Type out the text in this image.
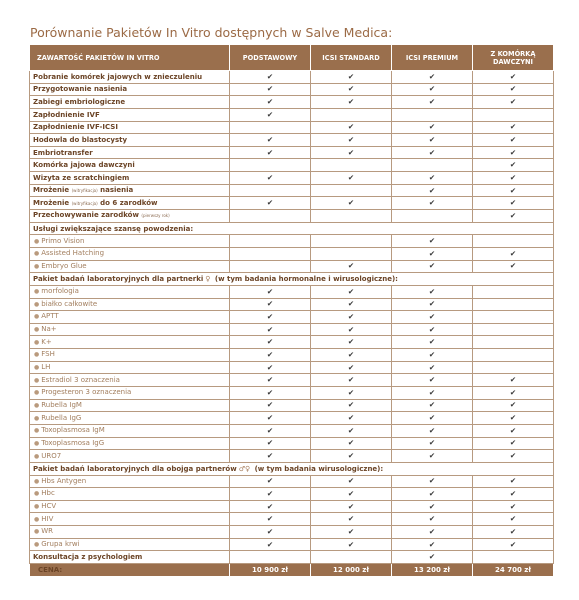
Porównanie Pakietów In Vitro dostępnych w Salve Medica:
ZAWARTOŚĆ PAKIETÓW IN VITRO	PODSTAWOWY	ICSI STANDARD	ICSI PREMIUM	Z KOMÓRKĄ DAWCZYNI
Pobranie komórek jajowych w znieczuleniu	✔	✔	✔	✔
Przygotowanie nasienia	✔	✔	✔	✔
Zabiegi embriologiczne	✔	✔	✔	✔
Zapłodnienie IVF	✔			
Zapłodnienie IVF-ICSI		✔	✔	✔
Hodowla do blastocysty	✔	✔	✔	✔
Embriotransfer	✔	✔	✔	✔
Komórka jajowa dawczyni				✔
Wizyta ze scratchingiem	✔	✔	✔	✔
Mrożenie (witryfikacja) nasienia			✔	✔
Mrożenie (witryfikacja) do 6 zarodków	✔	✔	✔	✔
Przechowywanie zarodków (pierwszy rok)				✔
Usługi zwiększające szansę powodzenia:				
● Primo Vision			✔	
● Assisted Hatching			✔	✔
● Embryo Glue		✔	✔	✔
Pakiet badań laboratoryjnych dla partnerki ♀ (w tym badania hormonalne i wirusologiczne):				
● morfologia	✔	✔	✔	
● białko całkowite	✔	✔	✔	
● APTT	✔	✔	✔	
● Na+	✔	✔	✔	
● K+	✔	✔	✔	
● FSH	✔	✔	✔	
● LH	✔	✔	✔	
● Estradiol 3 oznaczenia	✔	✔	✔	✔
● Progesteron 3 oznaczenia	✔	✔	✔	✔
● Rubella IgM	✔	✔	✔	✔
● Rubella IgG	✔	✔	✔	✔
● Toxoplasmosa IgM	✔	✔	✔	✔
● Toxoplasmosa IgG	✔	✔	✔	✔
● URO7	✔	✔	✔	✔
Pakiet badań laboratoryjnych dla obojga partnerów ♂♀ (w tym badania wirusologiczne):				
● Hbs Antygen	✔	✔	✔	✔
● Hbc	✔	✔	✔	✔
● HCV	✔	✔	✔	✔
● HIV	✔	✔	✔	✔
● WR	✔	✔	✔	✔
● Grupa krwi	✔	✔	✔	✔
Konsultacja z psychologiem			✔	
CENA:	10 900 zł	12 000 zł	13 200 zł	24 700 zł
